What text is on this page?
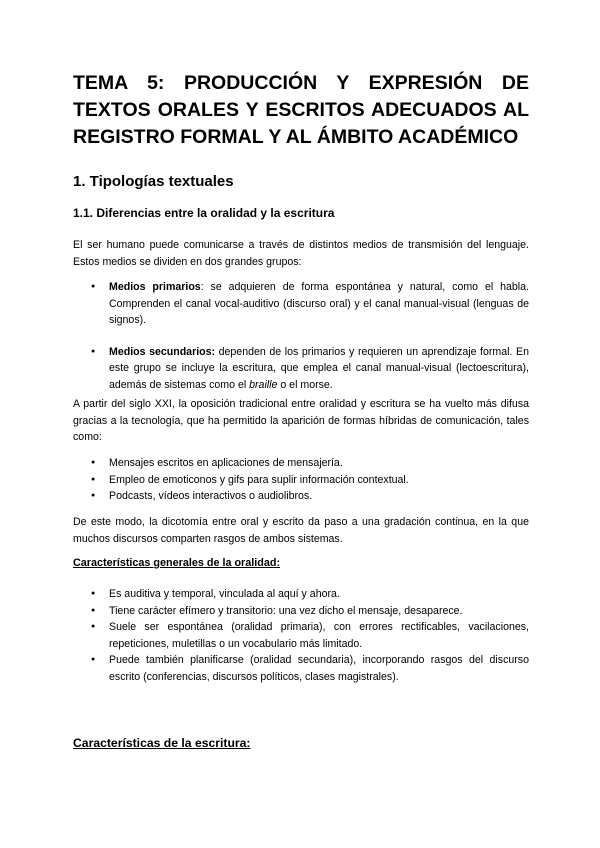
TEMA 5: PRODUCCIÓN Y EXPRESIÓN DE TEXTOS ORALES Y ESCRITOS ADECUADOS AL REGISTRO FORMAL Y AL ÁMBITO ACADÉMICO
1. Tipologías textuales
1.1. Diferencias entre la oralidad y la escritura

El ser humano puede comunicarse a través de distintos medios de transmisión del lenguaje. Estos medios se dividen en dos grandes grupos:

● Medios primarios: se adquieren de forma espontánea y natural, como el habla. Comprenden el canal vocal-auditivo (discurso oral) y el canal manual-visual (lenguas de signos).
● Medios secundarios: dependen de los primarios y requieren un aprendizaje formal. En este grupo se incluye la escritura, que emplea el canal manual-visual (lectoescritura), además de sistemas como el braille o el morse.

A partir del siglo XXI, la oposición tradicional entre oralidad y escritura se ha vuelto más difusa gracias a la tecnología, que ha permitido la aparición de formas híbridas de comunicación, tales como:

● Mensajes escritos en aplicaciones de mensajería.
● Empleo de emoticonos y gifs para suplir información contextual.
● Podcasts, vídeos interactivos o audiolibros.

De este modo, la dicotomía entre oral y escrito da paso a una gradación continua, en la que muchos discursos comparten rasgos de ambos sistemas.

Características generales de la oralidad:
● Es auditiva y temporal, vinculada al aquí y ahora.
● Tiene carácter efímero y transitorio: una vez dicho el mensaje, desaparece.
● Suele ser espontánea (oralidad primaria), con errores rectificables, vacilaciones, repeticiones, muletillas o un vocabulario más limitado.
● Puede también planificarse (oralidad secundaria), incorporando rasgos del discurso escrito (conferencias, discursos políticos, clases magistrales).
Características de la escritura:
